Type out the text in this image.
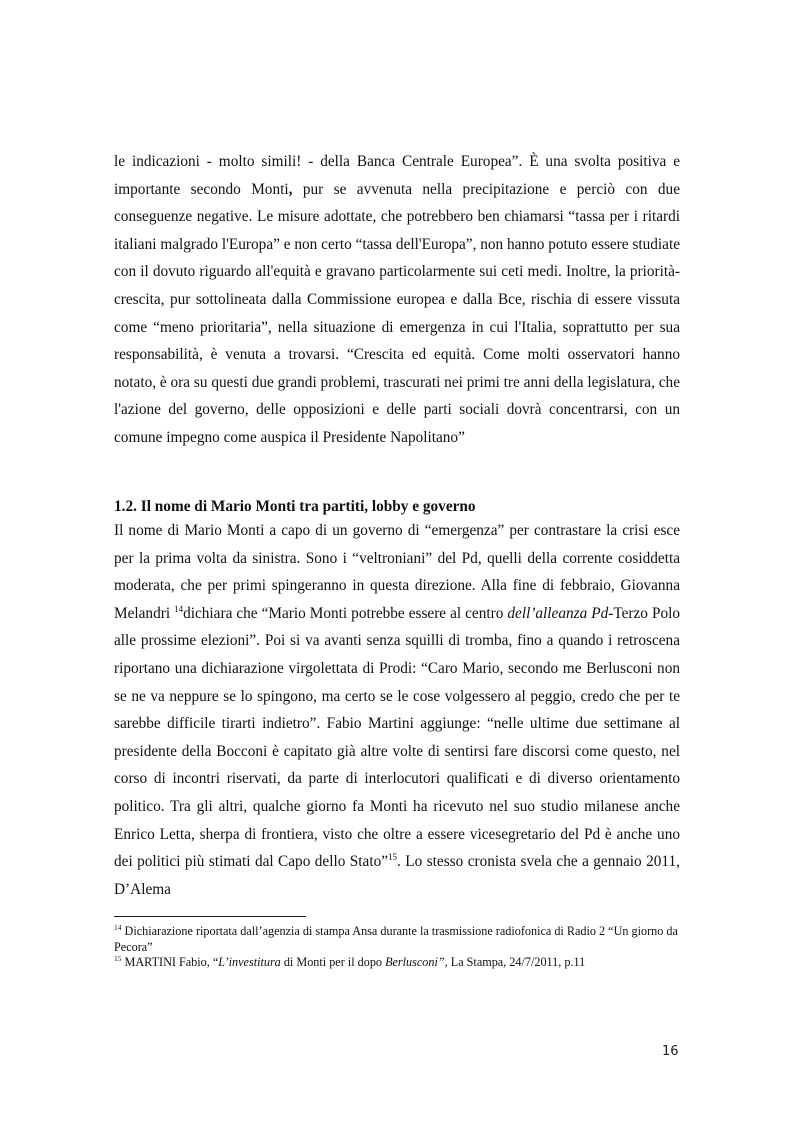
le indicazioni - molto simili! - della Banca Centrale Europea”. È una svolta positiva e importante secondo Monti, pur se avvenuta nella precipitazione e perciò con due conseguenze negative. Le misure adottate, che potrebbero ben chiamarsi “tassa per i ritardi italiani malgrado l'Europa” e non certo “tassa dell'Europa”, non hanno potuto essere studiate con il dovuto riguardo all'equità e gravano particolarmente sui ceti medi. Inoltre, la priorità-crescita, pur sottolineata dalla Commissione europea e dalla Bce, rischia di essere vissuta come “meno prioritaria”, nella situazione di emergenza in cui l'Italia, soprattutto per sua responsabilità, è venuta a trovarsi. “Crescita ed equità. Come molti osservatori hanno notato, è ora su questi due grandi problemi, trascurati nei primi tre anni della legislatura, che l'azione del governo, delle opposizioni e delle parti sociali dovrà concentrarsi, con un comune impegno come auspica il Presidente Napolitano”

1.2. Il nome di Mario Monti tra partiti, lobby e governo

Il nome di Mario Monti a capo di un governo di “emergenza” per contrastare la crisi esce per la prima volta da sinistra. Sono i “veltroniani” del Pd, quelli della corrente cosiddetta moderata, che per primi spingeranno in questa direzione. Alla fine di febbraio, Giovanna Melandri $^{14}$dichiara che “Mario Monti potrebbe essere al centro dell’alleanza Pd-Terzo Polo alle prossime elezioni”. Poi si va avanti senza squilli di tromba, fino a quando i retroscena riportano una dichiarazione virgolettata di Prodi: “Caro Mario, secondo me Berlusconi non se ne va neppure se lo spingono, ma certo se le cose volgessero al peggio, credo che per te sarebbe difficile tirarti indietro”. Fabio Martini aggiunge: “nelle ultime due settimane al presidente della Bocconi è capitato già altre volte di sentirsi fare discorsi come questo, nel corso di incontri riservati, da parte di interlocutori qualificati e di diverso orientamento politico. Tra gli altri, qualche giorno fa Monti ha ricevuto nel suo studio milanese anche Enrico Letta, sherpa di frontiera, visto che oltre a essere vicesegretario del Pd è anche uno dei politici più stimati dal Capo dello Stato”$^{15}$. Lo stesso cronista svela che a gennaio 2011, D’Alema

$^{14}$ Dichiarazione riportata dall’agenzia di stampa Ansa durante la trasmissione radiofonica di Radio 2 “Un giorno da Pecora”

$^{15}$ MARTINI Fabio, “L’investitura di Monti per il dopo Berlusconi”, La Stampa, 24/7/2011, p.11

16
